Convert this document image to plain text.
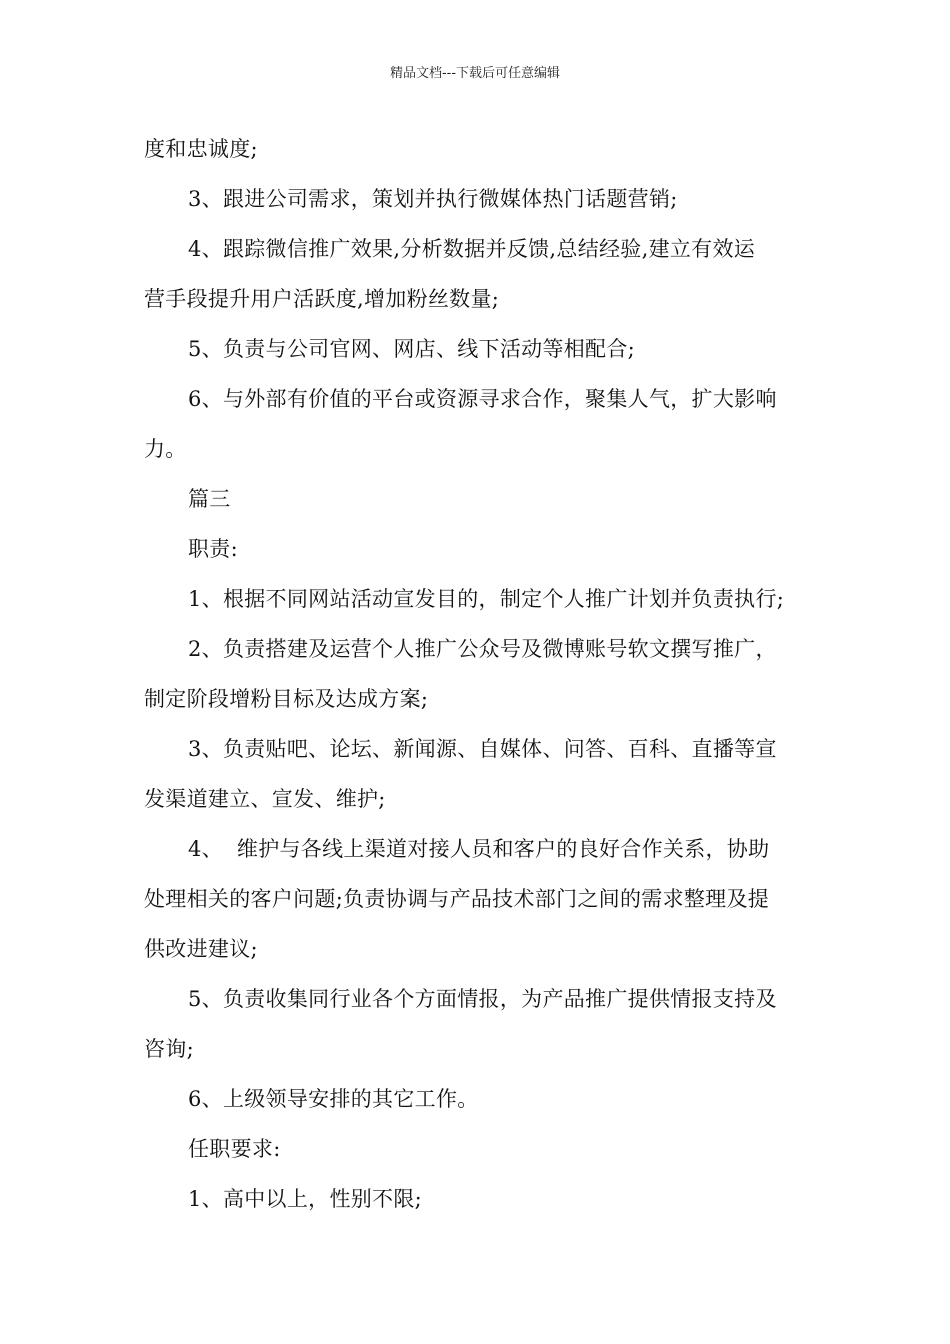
精品文档---下载后可任意编辑

度和忠诚度;

3、跟进公司需求，策划并执行微媒体热门话题营销;

4、跟踪微信推广效果,分析数据并反馈,总结经验,建立有效运

营手段提升用户活跃度,增加粉丝数量;

5、负责与公司官网、网店、线下活动等相配合;

6、与外部有价值的平台或资源寻求合作，聚集人气，扩大影响

力。

篇三

职责:

1、根据不同网站活动宣发目的，制定个人推广计划并负责执行;

2、负责搭建及运营个人推广公众号及微博账号软文撰写推广，

制定阶段增粉目标及达成方案;

3、负责贴吧、论坛、新闻源、自媒体、问答、百科、直播等宣

发渠道建立、宣发、维护;

4、  维护与各线上渠道对接人员和客户的良好合作关系，协助

处理相关的客户问题;负责协调与产品技术部门之间的需求整理及提

供改进建议;

5、负责收集同行业各个方面情报，为产品推广提供情报支持及

咨询;

6、上级领导安排的其它工作。

任职要求:

1、高中以上，性别不限;
